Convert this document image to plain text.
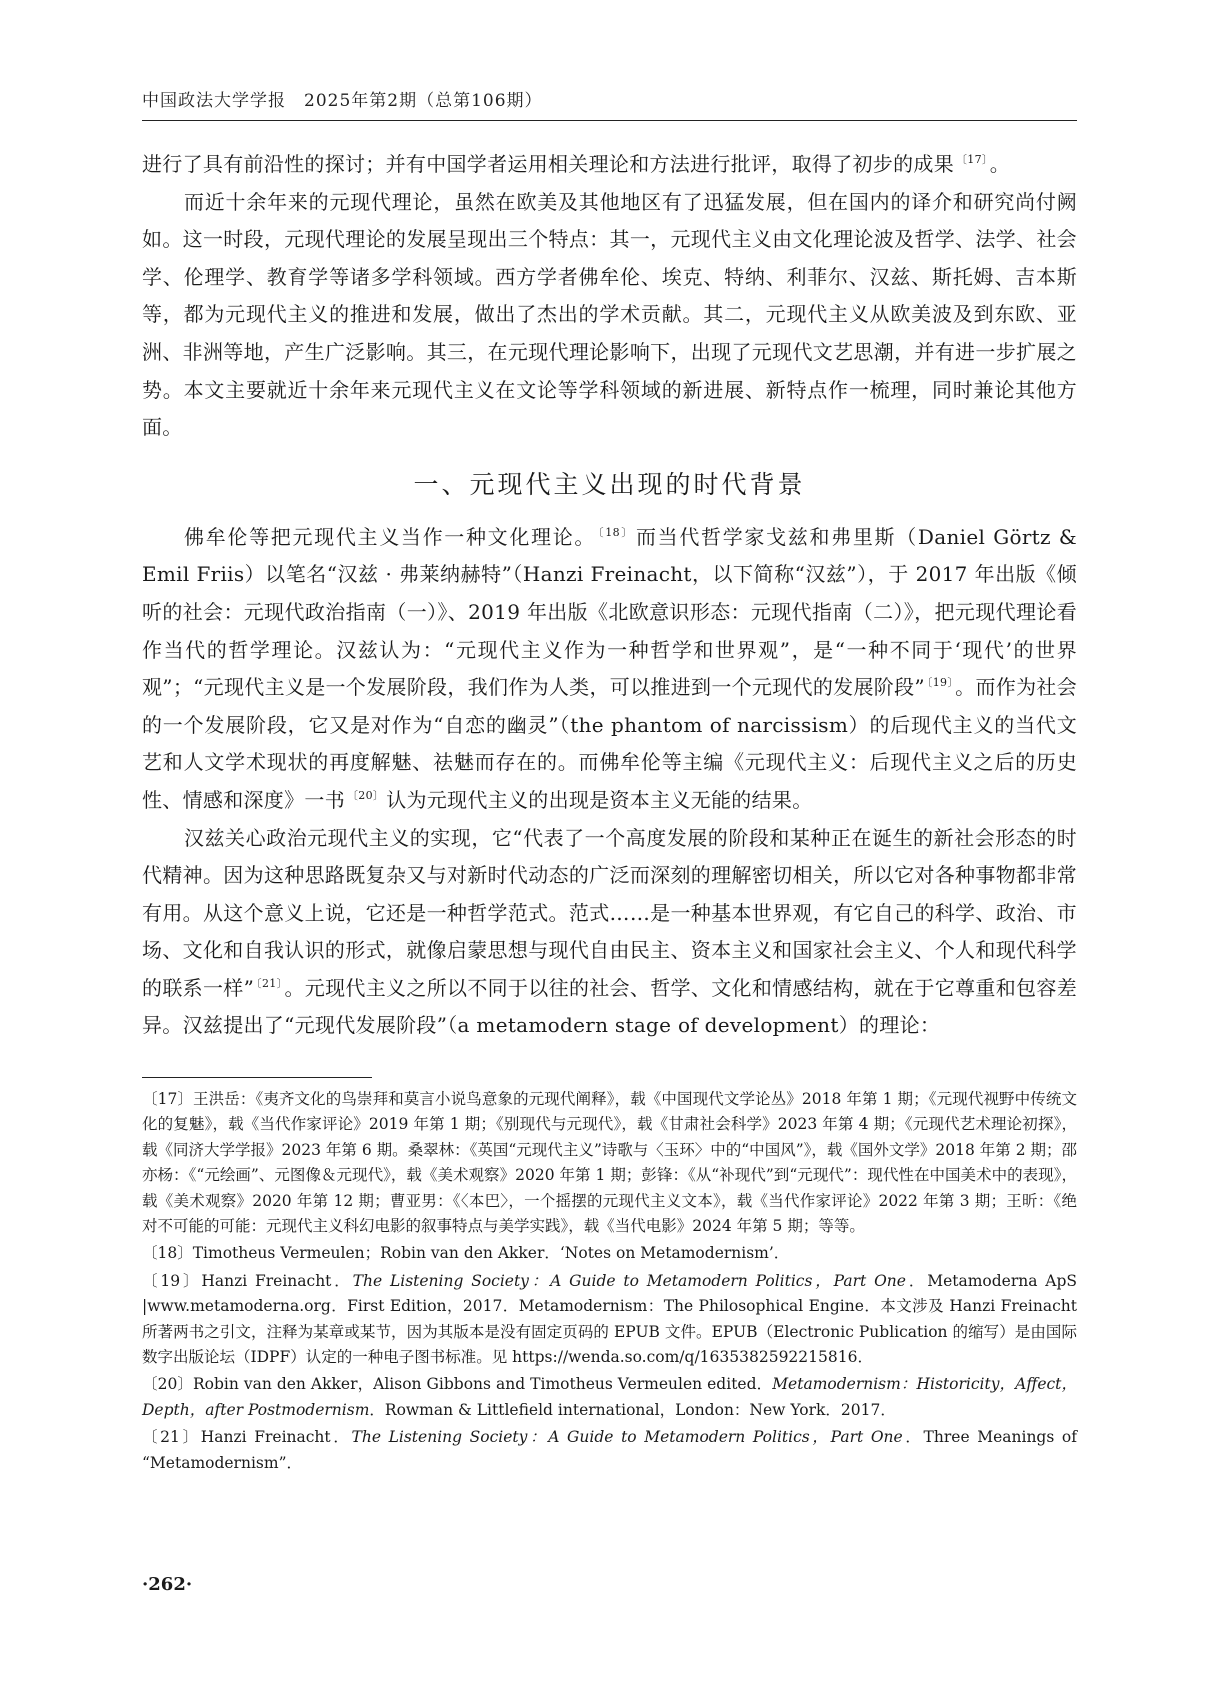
中国政法大学学报　2025年第2期（总第106期）

进行了具有前沿性的探讨；并有中国学者运用相关理论和方法进行批评，取得了初步的成果 $^{〔17〕}$ 。

而近十余年来的元现代理论，虽然在欧美及其他地区有了迅猛发展，但在国内的译介和研究尚付阙如。这一时段，元现代理论的发展呈现出三个特点：其一，元现代主义由文化理论波及哲学、法学、社会学、伦理学、教育学等诸多学科领域。西方学者佛牟伦、埃克、特纳、利菲尔、汉兹、斯托姆、吉本斯等，都为元现代主义的推进和发展，做出了杰出的学术贡献。其二，元现代主义从欧美波及到东欧、亚洲、非洲等地，产生广泛影响。其三，在元现代理论影响下，出现了元现代文艺思潮，并有进一步扩展之势。本文主要就近十余年来元现代主义在文论等学科领域的新进展、新特点作一梳理，同时兼论其他方面。

一、元现代主义出现的时代背景

佛牟伦等把元现代主义当作一种文化理论。 $^{〔18〕}$ 而当代哲学家戈兹和弗里斯（Daniel Görtz & Emil Friis）以笔名“汉兹 · 弗莱纳赫特”（Hanzi Freinacht，以下简称“汉兹”），于 2017 年出版《倾听的社会：元现代政治指南（一）》、2019 年出版《北欧意识形态：元现代指南（二）》，把元现代理论看作当代的哲学理论。汉兹认为：“元现代主义作为一种哲学和世界观”，是“一种不同于‘现代’的世界观”；“元现代主义是一个发展阶段，我们作为人类，可以推进到一个元现代的发展阶段” $^{〔19〕}$ 。而作为社会的一个发展阶段，它又是对作为“自恋的幽灵”（the phantom of narcissism）的后现代主义的当代文艺和人文学术现状的再度解魅、祛魅而存在的。而佛牟伦等主编《元现代主义：后现代主义之后的历史性、情感和深度》一书 $^{〔20〕}$ 认为元现代主义的出现是资本主义无能的结果。

汉兹关心政治元现代主义的实现，它“代表了一个高度发展的阶段和某种正在诞生的新社会形态的时代精神。因为这种思路既复杂又与对新时代动态的广泛而深刻的理解密切相关，所以它对各种事物都非常有用。从这个意义上说，它还是一种哲学范式。范式……是一种基本世界观，有它自己的科学、政治、市场、文化和自我认识的形式，就像启蒙思想与现代自由民主、资本主义和国家社会主义、个人和现代科学的联系一样” $^{〔21〕}$ 。元现代主义之所以不同于以往的社会、哲学、文化和情感结构，就在于它尊重和包容差异。汉兹提出了“元现代发展阶段”（a metamodern stage of development）的理论：

〔17〕王洪岳：《夷齐文化的鸟崇拜和莫言小说鸟意象的元现代阐释》，载《中国现代文学论丛》2018 年第 1 期；《元现代视野中传统文化的复魅》，载《当代作家评论》2019 年第 1 期；《别现代与元现代》，载《甘肃社会科学》2023 年第 4 期；《元现代艺术理论初探》，载《同济大学学报》2023 年第 6 期。桑翠林：《英国“元现代主义”诗歌与〈玉环〉中的“中国风”》，载《国外文学》2018 年第 2 期；邵亦杨：《“元绘画”、元图像＆元现代》，载《美术观察》2020 年第 1 期；彭锋：《从“补现代”到“元现代”：现代性在中国美术中的表现》，载《美术观察》2020 年第 12 期；曹亚男：《〈本巴〉，一个摇摆的元现代主义文本》，载《当代作家评论》2022 年第 3 期；王昕：《绝对不可能的可能：元现代主义科幻电影的叙事特点与美学实践》，载《当代电影》2024 年第 5 期；等等。

〔18〕Timotheus Vermeulen；Robin van den Akker．‘Notes on Metamodernism’．

〔19〕Hanzi Freinacht．The Listening Society：A Guide to Metamodern Politics，Part One．Metamoderna ApS |www.metamoderna.org．First Edition，2017．Metamodernism：The Philosophical Engine．本文涉及 Hanzi Freinacht 所著两书之引文，注释为某章或某节，因为其版本是没有固定页码的 EPUB 文件。EPUB（Electronic Publication 的缩写）是由国际数字出版论坛（IDPF）认定的一种电子图书标准。见 https://wenda.so.com/q/1635382592215816．

〔20〕Robin van den Akker，Alison Gibbons and Timotheus Vermeulen edited．Metamodernism：Historicity，Affect，Depth，after Postmodernism．Rowman & Littlefield international，London：New York．2017．

〔21〕Hanzi Freinacht．The Listening Society：A Guide to Metamodern Politics，Part One．Three Meanings of “Metamodernism”．

·262·
